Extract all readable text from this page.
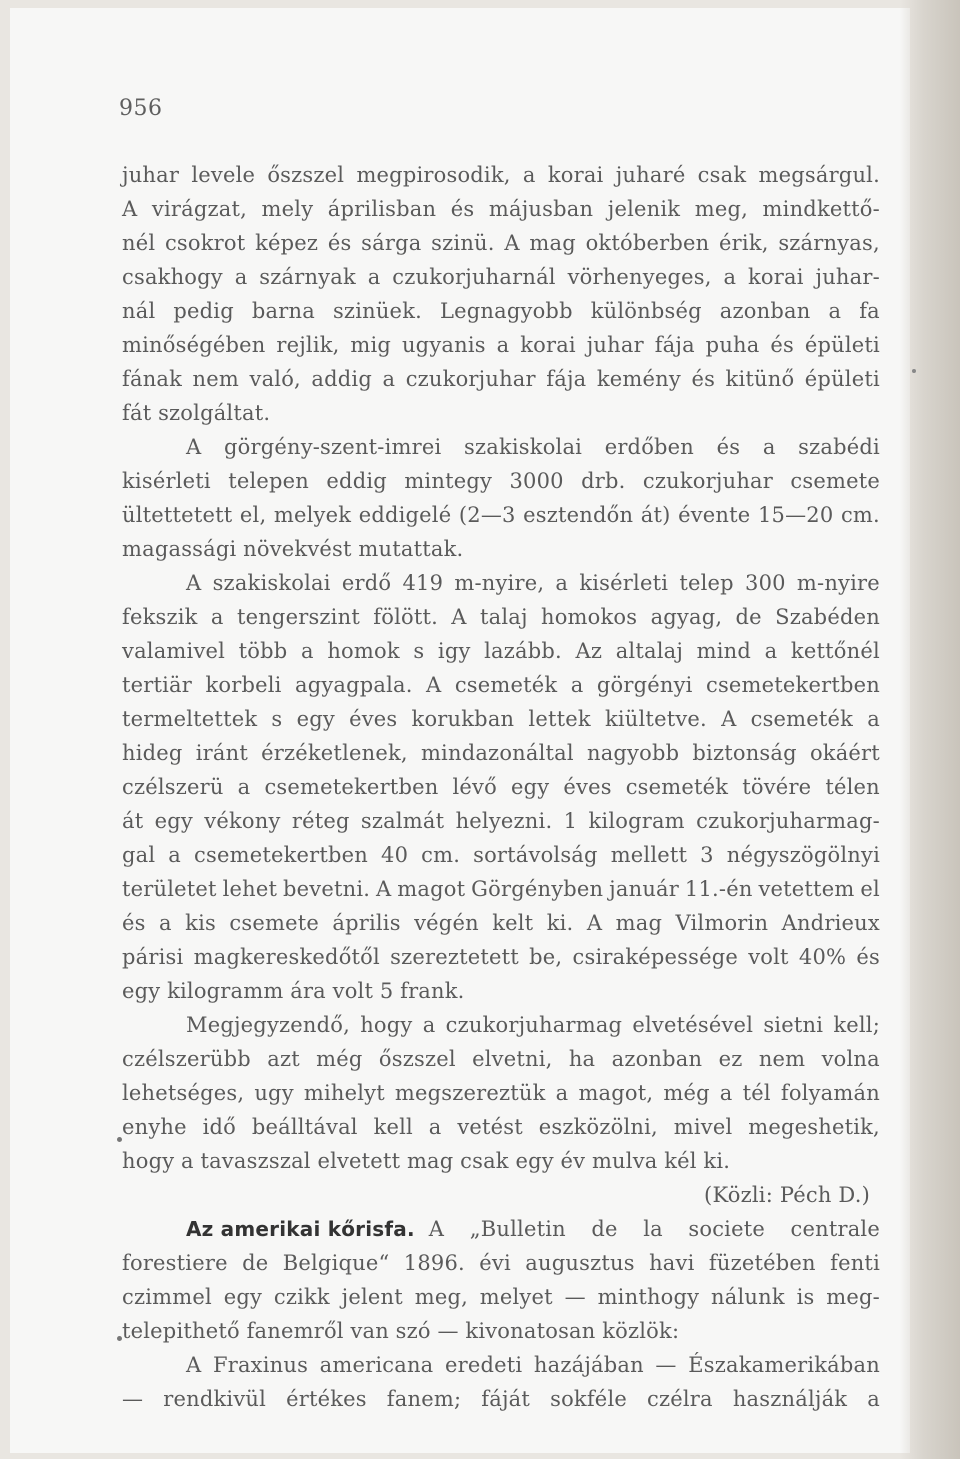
956
juhar levele őszszel megpirosodik, a korai juharé csak megsárgul.
A virágzat, mely áprilisban és májusban jelenik meg, mindkettő-
nél csokrot képez és sárga szinü. A mag októberben érik, szárnyas,
csakhogy a szárnyak a czukorjuharnál vörhenyeges, a korai juhar-
nál pedig barna szinüek. Legnagyobb különbség azonban a fa
minőségében rejlik, mig ugyanis a korai juhar fája puha és épületi
fának nem való, addig a czukorjuhar fája kemény és kitünő épületi
fát szolgáltat.
A görgény-szent-imrei szakiskolai erdőben és a szabédi
kisérleti telepen eddig mintegy 3000 drb. czukorjuhar csemete
ültettetett el, melyek eddigelé (2—3 esztendőn át) évente 15—20 cm.
magassági növekvést mutattak.
A szakiskolai erdő 419 m-nyire, a kisérleti telep 300 m-nyire
fekszik a tengerszint fölött. A talaj homokos agyag, de Szabéden
valamivel több a homok s igy lazább. Az altalaj mind a kettőnél
tertiär korbeli agyagpala. A csemeték a görgényi csemetekertben
termeltettek s egy éves korukban lettek kiültetve. A csemeték a
hideg iránt érzéketlenek, mindazonáltal nagyobb biztonság okáért
czélszerü a csemetekertben lévő egy éves csemeték tövére télen
át egy vékony réteg szalmát helyezni. 1 kilogram czukorjuharmag-
gal a csemetekertben 40 cm. sortávolság mellett 3 négyszögölnyi
területet lehet bevetni. A magot Görgényben január 11.-én vetettem el
és a kis csemete április végén kelt ki. A mag Vilmorin Andrieux
párisi magkereskedőtől szereztetett be, csiraképessége volt 40% és
egy kilogramm ára volt 5 frank.
Megjegyzendő, hogy a czukorjuharmag elvetésével sietni kell;
czélszerübb azt még őszszel elvetni, ha azonban ez nem volna
lehetséges, ugy mihelyt megszereztük a magot, még a tél folyamán
enyhe idő beálltával kell a vetést eszközölni, mivel megeshetik,
hogy a tavaszszal elvetett mag csak egy év mulva kél ki.
(Közli: Péch D.)
Az amerikai kőrisfa. A „Bulletin de la societe centrale
forestiere de Belgique“ 1896. évi augusztus havi füzetében fenti
czimmel egy czikk jelent meg, melyet — minthogy nálunk is meg-
telepithető fanemről van szó — kivonatosan közlök:
A Fraxinus americana eredeti hazájában — Északamerikában
— rendkivül értékes fanem; fáját sokféle czélra használják a
